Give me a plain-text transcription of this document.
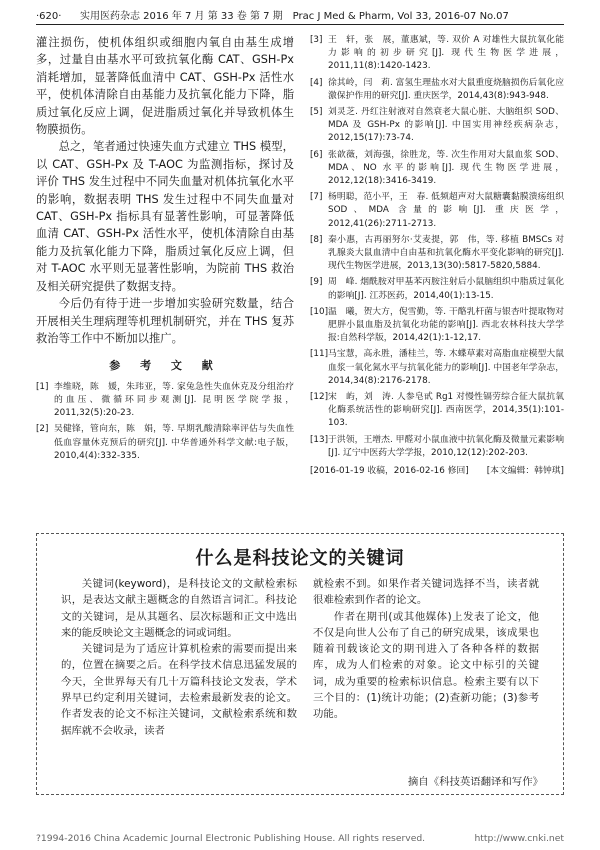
·620·	实用医药杂志 2016 年 7 月 第 33 卷 第 7 期　Prac J Med & Pharm, Vol 33, 2016-07 No.07

灌注损伤，使机体组织或细胞内氧自由基生成增多，过量自由基水平可致抗氧化酶 CAT、GSH-Px 消耗增加，显著降低血清中 CAT、GSH-Px 活性水平，使机体清除自由基能力及抗氧化能力下降，脂质过氧化反应上调，促进脂质过氧化并导致机体生物膜损伤。

总之，笔者通过快速失血方式建立 THS 模型，以 CAT、GSH-Px 及 T-AOC 为监测指标，探讨及评价 THS 发生过程中不同失血量对机体抗氧化水平的影响，数据表明 THS 发生过程中不同失血量对 CAT、GSH-Px 指标具有显著性影响，可显著降低血清 CAT、GSH-Px 活性水平，使机体清除自由基能力及抗氧化能力下降，脂质过氧化反应上调，但对 T-AOC 水平则无显著性影响，为院前 THS 救治及相关研究提供了数据支持。

今后仍有待于进一步增加实验研究数量，结合开展相关生理病理等机理机制研究，并在 THS 复苏救治等工作中不断加以推广。

参 考 文 献
[1] 李维晓，陈　媛，朱玮亚，等. 家兔急性失血休克及分组治疗的血压、微循环同步观测[J]. 昆明医学院学报，2011,32(5):20-23.
[2] 吴健锋，管向东，陈　娟，等. 早期乳酸清除率评估与失血性低血容量休克预后的研究[J]. 中华普通外科学文献:电子版，2010,4(4):332-335.
[3] 王　轩，张　展，董惠斌，等. 双价 A 对雄性大鼠抗氧化能力影响的初步研究[J]. 现代生物医学进展，2011,11(8):1420-1423.
[4] 徐其岭，闫　莉. 富氢生理盐水对大鼠重度烧脑损伤后氧化应激保护作用的研究[J]. 重庆医学，2014,43(8):943-948.
[5] 刘灵芝. 丹红注射液对自然衰老大鼠心脏、大脑组织 SOD、MDA 及 GSH-Px 的影响[J]. 中国实用神经疾病杂志，2012,15(17):73-74.
[6] 张歆薇，刘海强，徐胜龙，等. 次生作用对大鼠血浆 SOD、MDA、NO 水平的影响[J]. 现代生物医学进展，2012,12(18):3416-3419.
[7] 杨明聪，范小平，王　春. 低频超声对大鼠糖囊黏膜溃疡组织 SOD、MDA 含量的影响[J]. 重庆医学，2012,41(26):2711-2713.
[8] 秦小惠，古再丽努尔·艾麦提，郭　伟，等. 移植 BMSCs 对乳腺炎大鼠血清中自由基和抗氧化酶水平变化影响的研究[J]. 现代生物医学进展，2013,13(30):5817-5820,5884.
[9] 周　峰. 烟酰胺对甲基苯丙胺注射后小鼠脑组织中脂质过氧化的影响[J]. 江苏医药，2014,40(1):13-15.
[10] 温　曦，贺大方，倪雪勤，等. 干酪乳杆菌与银杏叶提取物对肥胖小鼠血脂及抗氧化功能的影响[J]. 西北农林科技大学学报:自然科学版，2014,42(1):1-12,17.
[11] 马宝慧，高永胜，潘桂兰，等. 木蝶草素对高脂血症模型大鼠血浆一氧化氮水平与抗氧化能力的影响[J]. 中国老年学杂志，2014,34(8):2176-2178.
[12] 宋　屿，刘　涛. 人参皂甙 Rg1 对慢性镉劳综合征大鼠抗氧化酶系统活性的影响研究[J]. 西南医学，2014,35(1):101-103.
[13] 于洪领，王增杰. 甲醛对小鼠血液中抗氧化酶及微量元素影响[J]. 辽宁中医药大学学报，2010,12(12):202-203.
[2016-01-19 收稿，2016-02-16 修回] [本文编辑：韩钟琪]
什么是科技论文的关键词

关键词(keyword)，是科技论文的文献检索标识，是表达文献主题概念的自然语言词汇。科技论文的关键词，是从其题名、层次标题和正文中选出来的能反映论文主题概念的词或词组。

关键词是为了适应计算机检索的需要而提出来的，位置在摘要之后。在科学技术信息迅猛发展的今天，全世界每天有几十万篇科技论文发表，学术界早已约定利用关键词，去检索最新发表的论文。作者发表的论文不标注关键词，文献检索系统和数据库就不会收录，读者

就检索不到。如果作者关键词选择不当，读者就很难检索到作者的论文。

作者在期刊(或其他媒体)上发表了论文，他不仅是向世人公布了自己的研究成果，该成果也随着刊载该论文的期刊进入了各种各样的数据库，成为人们检索的对象。论文中标引的关键词，成为重要的检索标识信息。检索主要有以下三个目的：(1)统计功能；(2)查新功能；(3)参考功能。

摘自《科技英语翻译和写作》
?1994-2016 China Academic Journal Electronic Publishing House. All rights reserved.	http://www.cnki.net
